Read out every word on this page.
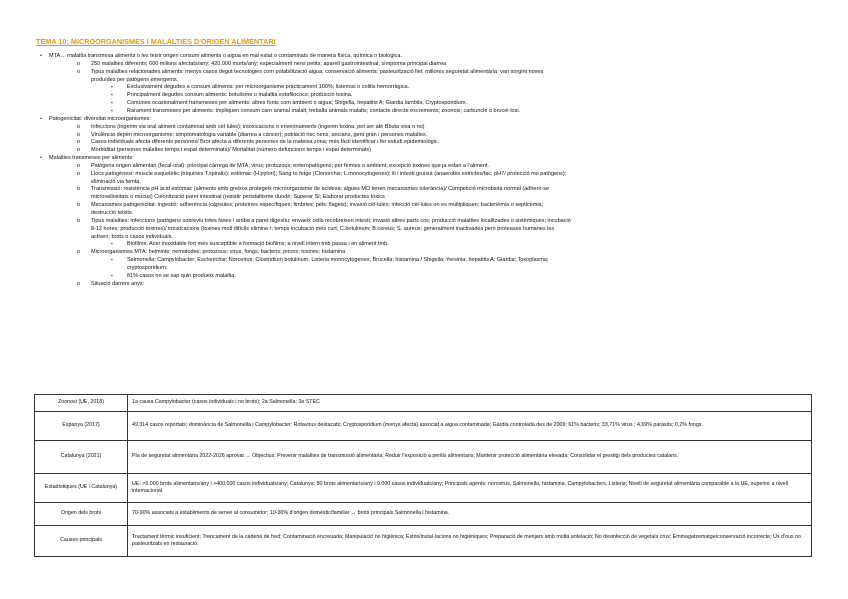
TEMA 10: MICROORGANISMES I MALALTIES D'ORIGEN ALIMENTARI
• MTA→ malaltia transmesa aliments o les teixir origen consum aliments o aigua en mal estat o contaminats de manera física, química o biològica.
o 250 malalties diferents; 600 milions afectats/any; 420.000 morts/any; especialment nens petits; aparell gastrointestinal; símptoma principal diarrea
o Tipus malalties relacionades aliments: menys casos degut tecnologies com potabilització aigua; conservació aliments; pasteurització llet; millores seguretat alimentària; van sorgint noves
produïdes per patògens emergents.
▪	Exclusivament degudes a consum aliments: per microorganisme pràcticament 100%; listeriosi o colitis hemorràgica.
▪	Principalment degudes consum aliments: botulisme o malaltia estafilococs; producció toxina.
▪	Comunes ocasionalment transmeses per aliments: altres fonts com ambient o aigua; Shigella, hepatitis A; Giardia lamblia; Cryptosporidium.
▪	Rarament transmeses per aliments: impliquen consum carn animal malalt; treballa animals malalts; contacte directe excrements; zoonosi; carbuncle o brucel·losi.
• Patogenicitat: diversitat microorganismes:
o Infeccions (ingerim via oral aliment contaminat amb cèl·lules); intoxicacions o enverinaments (ingerim toxina, pot ser atè Bbuta viva o no)
o Virulència depèn microorganisme; simptomatologia variable (diarrea a càncer); població risc nens, ancians, gent gran i persones malaltes.
o Casos individuals afecta diferents persones/ Brot afecta a diferents persones de la mateixa zona; més fàcil identificar i fer estudi epidemiològic.
o Morbiditat (persones malaltes temps i espai determinats)/ Mortalitat (número defuncions temps i espai determinats)
• Malalties transmeses per aliments:
o Patògens origen alimentari (fecal-oral): principal càrrega de MTA; virus; protozous; enteropatògens; per femtes o ambient; excepció toxines que ja estan a l'aliment.
o Llocs patogènesi: muscle esquelètic (triquines T.spiralis); estómac (H.pylori); Sang to fetge (Clonorchis; L.monocytogenes); ili i intestí gruixut (anaerobis estrictes/fac; pH7/ protecció mo patògens);
eliminació via femta.
o Transmissió: resistència pH àcid estómac (aliments amb greixos protegeix microorganisme de acidesa; algues MO tenen mecanismes tolerància)/ Competició microbiota normal (adherir-se
microvellositats o mucus) Colonització paret intestinal (resistir peristaltisme duodè; Superar SI; Elaborar productes tòxics
o Mecanismes patogenicitat: ingestió; adherència (càpsules; proteïnes específiques; fimbries; pèls; flagels); invasió cèl·lules; infecció cèl·lules on es multipliquen; bacterièmia o septicèmia;
destrucció teixits.
o Tipus malalties: infeccions (patògens sobreviu totes fases i arriba a paret digestiu; envaeix cells recobreixen intestí; invasió altres parts cos; producció malalties localitzades o sistèmiques; incubació
8-12 hores; producció toxines)/ intoxicacions (toxines motl difícils elimina r; temps incubació més curt; C.botulinum; B.cereus; S. aureus; generalment inactivades però proteases humanes les
activen; brots o casos individuals.
▪	Biofilms: Acer inoxidable fort més susceptible a formació biofilms; a nivell intern tmb passa i en aliment tmb.
o Microorganismes MTA: helmints; nematodes; protozous; virus; fongs; bacteris; prions; toxines; histamina
▪	Salmonella; Campylobacter; Escherichia; Norovirus; Clostridium botulinum; Listeria monocytogenes; Brucella; histamina / Shigella; Yersinia; hepatitis A; Giardia; Toxoplasma;
cryptosporidium.
▪	81% casos no se sap quin produeix malaltia.
o Situació darrers anys:
Zoonosi (UE, 2018)	1a causa Campylobacter (casos individuals i no brots); 2a Salmonella; 3a STEC
Espanya (2017)	49.314 casos reportats; dominància de Salmonella i Campylobacter; Rotavirus destacats; Cryptosporidium (menys afecta) associat a aigua contaminada; Gàrdia controlada des de 2009; 61% bacteris; 33,71% virus ; 4,69% paràsits; 0,2% fongs.
Catalunya (2021)	Pla de seguretat alimentària 2022-2026 aprovat → Objectius: Prevenir malalties de transmissió alimentària; Reduir l'exposició a perills alimentaris; Mantenir protecció alimentària elevada; Consolidar el prestigi dels productes catalans.
Estadístiques (UE i Catalunya)	UE: >5.000 brots alimentaris/any i >400.000 casos individuals/any; Catalunya: 80 brots alimentaris/any i 9.000 casos individuals/any; Principals agents: norovirus, Salmonella, histamina, Campylobacters, Listeria; Nivell de seguretat alimentària comparable a la UE, superior a nivell internacional.
Origen dels brots	70-90% associats a establiments de servei al consumidor; 10-30% d'origen domèstic/familiar → brots principals Salmonella i histamina.
Causes principals	Tractament tèrmic insuficient; Trencament de la cadena de fred; Contaminació encreuada; Manipulació no higiènica; Estris/instal·lacions no higièniques; Preparació de menjars amb molta antelació; No desinfecció de vegetals crus; Emmagatzematge/conservació incorrecte; Ús d'ous no pasteuritzats en restauració.
